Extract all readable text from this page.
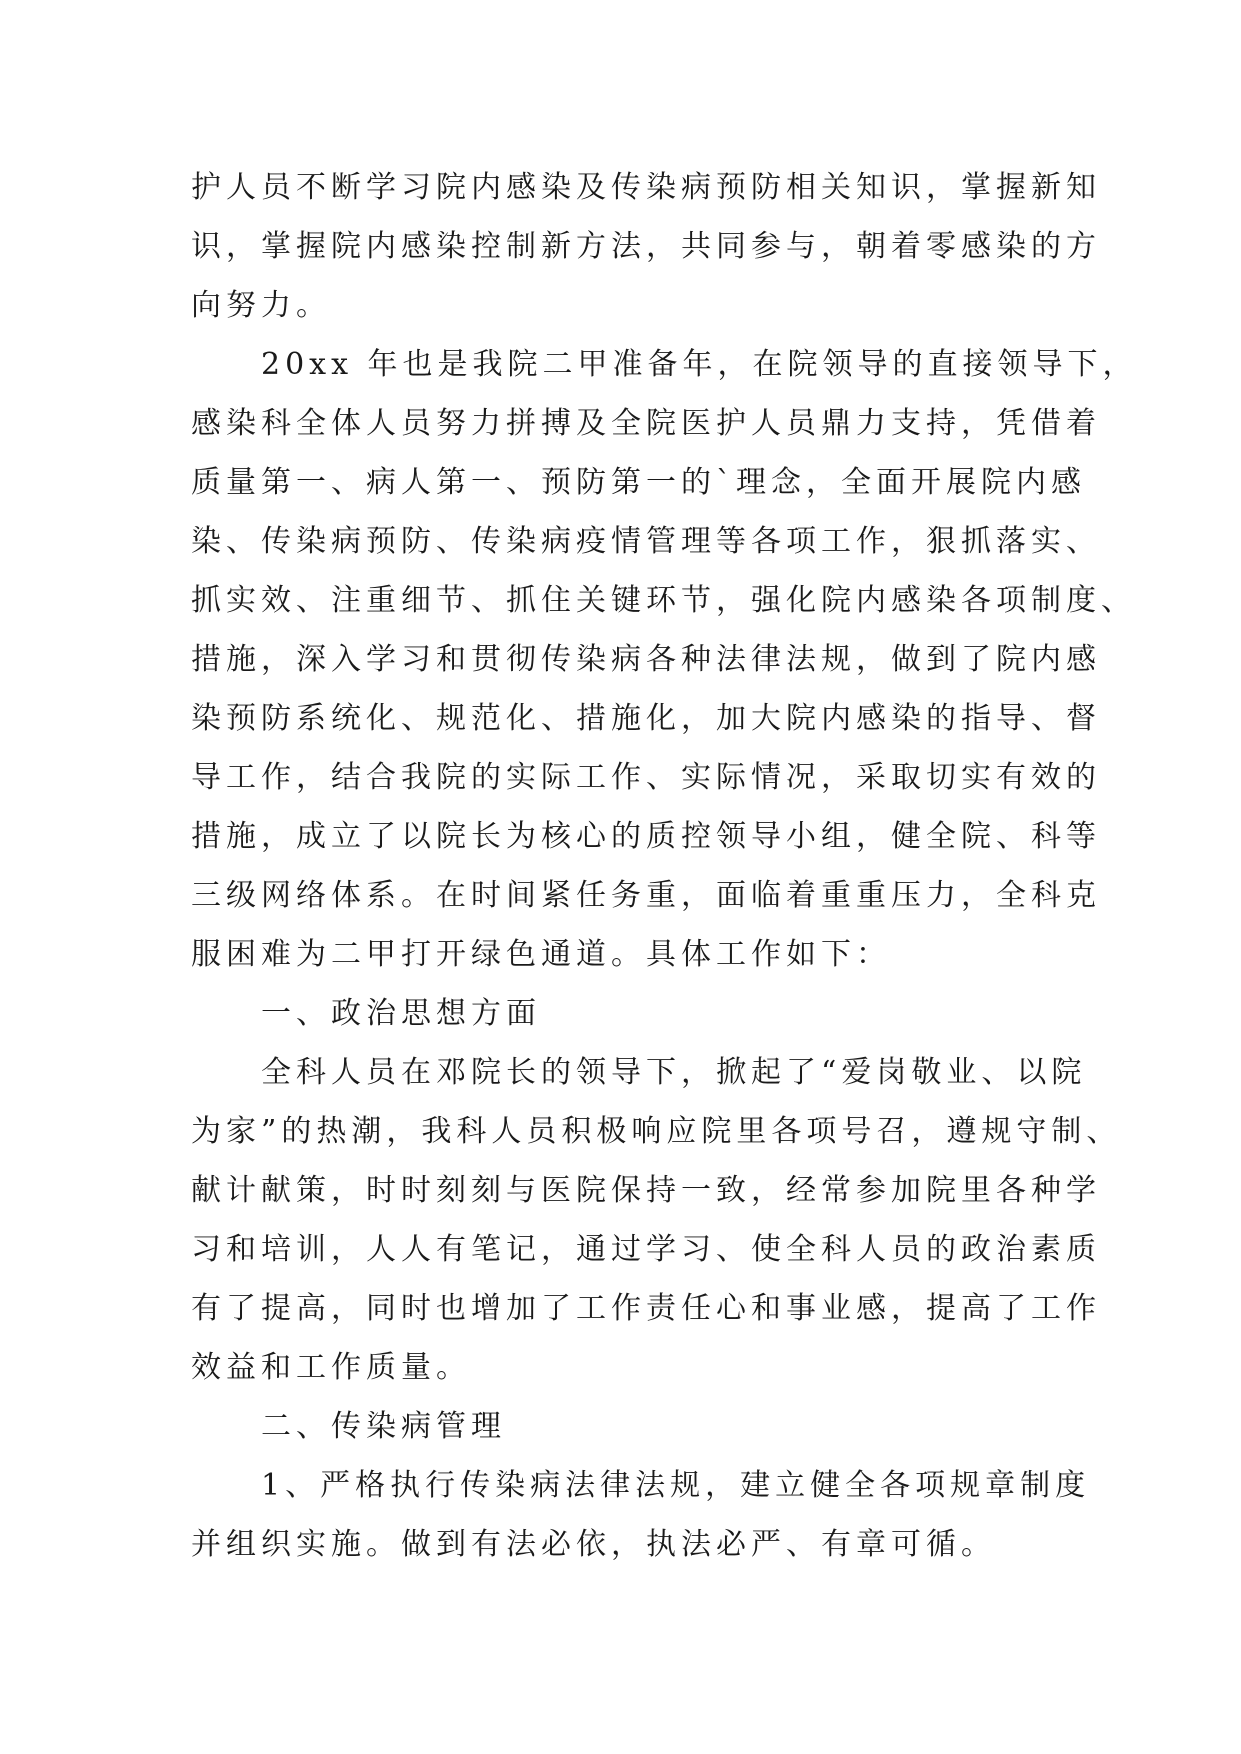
护人员不断学习院内感染及传染病预防相关知识，掌握新知
识，掌握院内感染控制新方法，共同参与，朝着零感染的方
向努力。
　　20xx 年也是我院二甲准备年，在院领导的直接领导下，
感染科全体人员努力拼搏及全院医护人员鼎力支持，凭借着
质量第一、病人第一、预防第一的`理念，全面开展院内感
染、传染病预防、传染病疫情管理等各项工作，狠抓落实、
抓实效、注重细节、抓住关键环节，强化院内感染各项制度、
措施，深入学习和贯彻传染病各种法律法规，做到了院内感
染预防系统化、规范化、措施化，加大院内感染的指导、督
导工作，结合我院的实际工作、实际情况，采取切实有效的
措施，成立了以院长为核心的质控领导小组，健全院、科等
三级网络体系。在时间紧任务重，面临着重重压力，全科克
服困难为二甲打开绿色通道。具体工作如下：
　　一、政治思想方面
　　全科人员在邓院长的领导下，掀起了“爱岗敬业、以院
为家”的热潮，我科人员积极响应院里各项号召，遵规守制、
献计献策，时时刻刻与医院保持一致，经常参加院里各种学
习和培训，人人有笔记，通过学习、使全科人员的政治素质
有了提高，同时也增加了工作责任心和事业感，提高了工作
效益和工作质量。
　　二、传染病管理
　　1、严格执行传染病法律法规，建立健全各项规章制度
并组织实施。做到有法必依，执法必严、有章可循。
